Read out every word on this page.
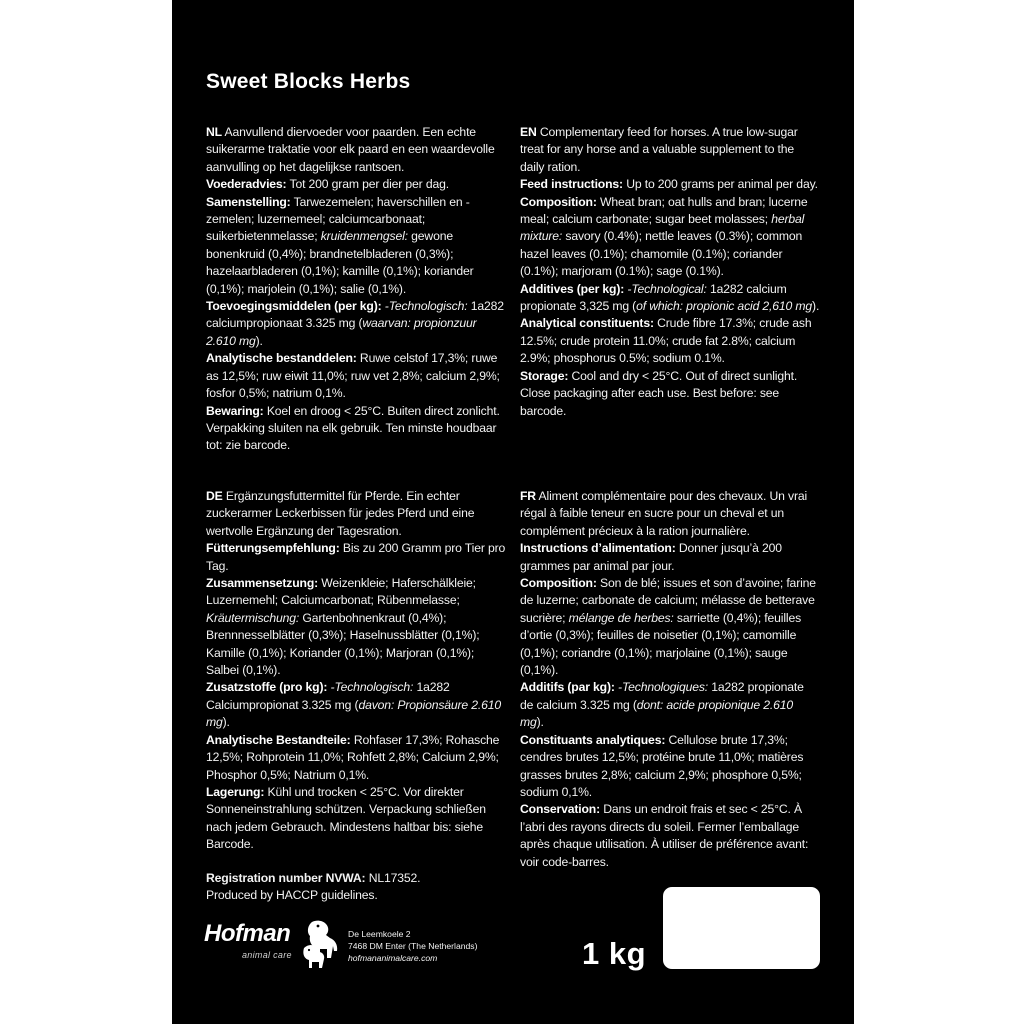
Sweet Blocks Herbs

NL Aanvullend diervoeder voor paarden. Een echte suikerarme traktatie voor elk paard en een waardevolle aanvulling op het dagelijkse rantsoen.

Voederadvies: Tot 200 gram per dier per dag.

Samenstelling: Tarwezemelen; haverschillen en -zemelen; luzernemeel; calciumcarbonaat; suikerbietenmelasse; kruidenmengsel: gewone bonenkruid (0,4%); brandnetelbladeren (0,3%); hazelaarbladeren (0,1%); kamille (0,1%); koriander (0,1%); marjolein (0,1%); salie (0,1%).

Toevoegingsmiddelen (per kg): -Technologisch: 1a282 calciumpropionaat 3.325 mg (waarvan: propionzuur 2.610 mg).

Analytische bestanddelen: Ruwe celstof 17,3%; ruwe as 12,5%; ruw eiwit 11,0%; ruw vet 2,8%; calcium 2,9%; fosfor 0,5%; natrium 0,1%.

Bewaring: Koel en droog < 25°C. Buiten direct zonlicht. Verpakking sluiten na elk gebruik. Ten minste houdbaar tot: zie barcode.

EN Complementary feed for horses. A true low-sugar treat for any horse and a valuable supplement to the daily ration.

Feed instructions: Up to 200 grams per animal per day.

Composition: Wheat bran; oat hulls and bran; lucerne meal; calcium carbonate; sugar beet molasses; herbal mixture: savory (0.4%); nettle leaves (0.3%); common hazel leaves (0.1%); chamomile (0.1%); coriander (0.1%); marjoram (0.1%); sage (0.1%).

Additives (per kg): -Technological: 1a282 calcium propionate 3,325 mg (of which: propionic acid 2,610 mg).

Analytical constituents: Crude fibre 17.3%; crude ash 12.5%; crude protein 11.0%; crude fat 2.8%; calcium 2.9%; phosphorus 0.5%; sodium 0.1%.

Storage: Cool and dry < 25°C. Out of direct sunlight. Close packaging after each use. Best before: see barcode.

DE Ergänzungsfuttermittel für Pferde. Ein echter zuckerarmer Leckerbissen für jedes Pferd und eine wertvolle Ergänzung der Tagesration.

Fütterungsempfehlung: Bis zu 200 Gramm pro Tier pro Tag.

Zusammensetzung: Weizenkleie; Haferschälkleie; Luzernemehl; Calciumcarbonat; Rübenmelasse; Kräutermischung: Gartenbohnenkraut (0,4%); Brennnesselblätter (0,3%); Haselnussblätter (0,1%); Kamille (0,1%); Koriander (0,1%); Marjoran (0,1%); Salbei (0,1%).

Zusatzstoffe (pro kg): -Technologisch: 1a282 Calciumpropionat 3.325 mg (davon: Propionsäure 2.610 mg).

Analytische Bestandteile: Rohfaser 17,3%; Rohasche 12,5%; Rohprotein 11,0%; Rohfett 2,8%; Calcium 2,9%; Phosphor 0,5%; Natrium 0,1%.

Lagerung: Kühl und trocken < 25°C. Vor direkter Sonneneinstrahlung schützen. Verpackung schließen nach jedem Gebrauch. Mindestens haltbar bis: siehe Barcode.

FR Aliment complémentaire pour des chevaux. Un vrai régal à faible teneur en sucre pour un cheval et un complément précieux à la ration journalière.

Instructions d’alimentation: Donner jusqu’à 200 grammes par animal par jour.

Composition: Son de blé; issues et son d’avoine; farine de luzerne; carbonate de calcium; mélasse de betterave sucrière; mélange de herbes: sarriette (0,4%); feuilles d’ortie (0,3%); feuilles de noisetier (0,1%); camomille (0,1%); coriandre (0,1%); marjolaine (0,1%); sauge (0,1%).

Additifs (par kg): -Technologiques: 1a282 propionate de calcium 3.325 mg (dont: acide propionique 2.610 mg).

Constituants analytiques: Cellulose brute 17,3%; cendres brutes 12,5%; protéine brute 11,0%; matières grasses brutes 2,8%; calcium 2,9%; phosphore 0,5%; sodium 0,1%.

Conservation: Dans un endroit frais et sec < 25°C. À l’abri des rayons directs du soleil. Fermer l’emballage après chaque utilisation. À utiliser de préférence avant: voir code-barres.

Registration number NVWA: NL17352.

Produced by HACCP guidelines.

Hofman
animal care
De Leemkoele 2
7468 DM Enter (The Netherlands)
hofmananimalcare.com	1 kg
